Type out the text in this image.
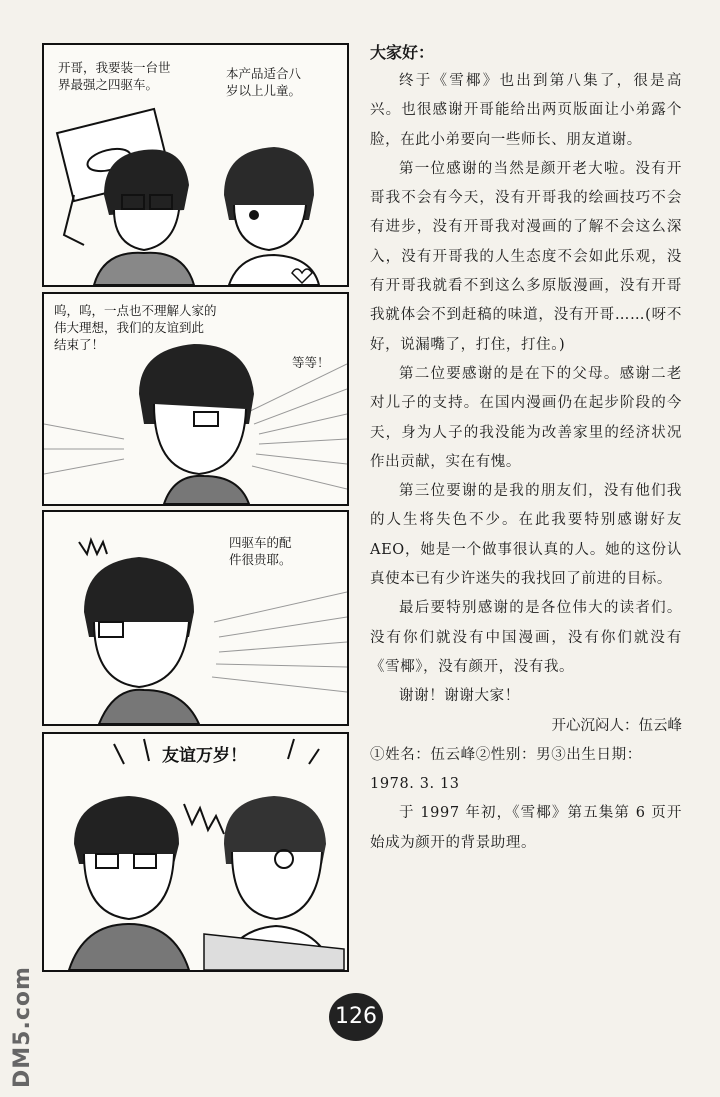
开哥，我要装一台世
界最强之四驱车。
本产品适合八
岁以上儿童。
呜，呜，一点也不理解人家的
伟大理想，我们的友谊到此
结束了！
等等！
四驱车的配
件很贵耶。
友谊万岁！
大家好：

终于《雪椰》也出到第八集了，很是高兴。也很感谢开哥能给出两页版面让小弟露个脸，在此小弟要向一些师长、朋友道谢。

第一位感谢的当然是颜开老大啦。没有开哥我不会有今天，没有开哥我的绘画技巧不会有进步，没有开哥我对漫画的了解不会这么深入，没有开哥我的人生态度不会如此乐观，没有开哥我就看不到这么多原版漫画，没有开哥我就体会不到赶稿的味道，没有开哥……(呀不好，说漏嘴了，打住，打住。)

第二位要感谢的是在下的父母。感谢二老对儿子的支持。在国内漫画仍在起步阶段的今天，身为人子的我没能为改善家里的经济状况作出贡献，实在有愧。

第三位要谢的是我的朋友们，没有他们我的人生将失色不少。在此我要特别感谢好友 AEO，她是一个做事很认真的人。她的这份认真使本已有少许迷失的我找回了前进的目标。

最后要特别感谢的是各位伟大的读者们。没有你们就没有中国漫画，没有你们就没有《雪椰》，没有颜开，没有我。

谢谢！谢谢大家！

开心沉闷人：伍云峰

①姓名：伍云峰②性别：男③出生日期：1978. 3. 13

于 1997 年初，《雪椰》第五集第 6 页开始成为颜开的背景助理。

126
DM5.com
